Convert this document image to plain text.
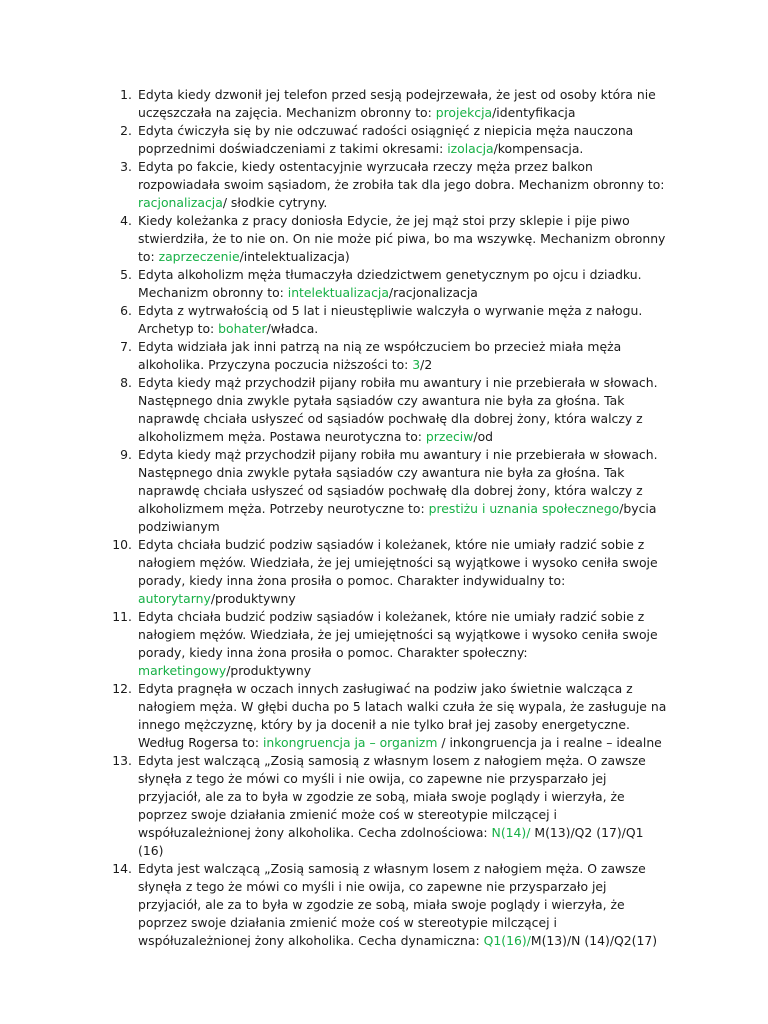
1. Edyta kiedy dzwonił jej telefon przed sesją podejrzewała, że jest od osoby która nie uczęszczała na zajęcia. Mechanizm obronny to: projekcja/identyfikacja
2. Edyta ćwiczyła się by nie odczuwać radości osiągnięć z niepicia męża nauczona poprzednimi doświadczeniami z takimi okresami: izolacja/kompensacja.
3. Edyta po fakcie, kiedy ostentacyjnie wyrzucała rzeczy męża przez balkon rozpowiadała swoim sąsiadom, że zrobiła tak dla jego dobra. Mechanizm obronny to: racjonalizacja/ słodkie cytryny.
4. Kiedy koleżanka z pracy doniosła Edycie, że jej mąż stoi przy sklepie i pije piwo stwierdziła, że to nie on. On nie może pić piwa, bo ma wszywkę. Mechanizm obronny to: zaprzeczenie/intelektualizacja)
5. Edyta alkoholizm męża tłumaczyła dziedzictwem genetycznym po ojcu i dziadku. Mechanizm obronny to: intelektualizacja/racjonalizacja
6. Edyta z wytrwałością od 5 lat i nieustępliwie walczyła o wyrwanie męża z nałogu. Archetyp to: bohater/władca.
7. Edyta widziała jak inni patrzą na nią ze współczuciem bo przecież miała męża alkoholika. Przyczyna poczucia niższości to: 3/2
8. Edyta kiedy mąż przychodził pijany robiła mu awantury i nie przebierała w słowach. Następnego dnia zwykle pytała sąsiadów czy awantura nie była za głośna. Tak naprawdę chciała usłyszeć od sąsiadów pochwałę dla dobrej żony, która walczy z alkoholizmem męża. Postawa neurotyczna to: przeciw/od
9. Edyta kiedy mąż przychodził pijany robiła mu awantury i nie przebierała w słowach. Następnego dnia zwykle pytała sąsiadów czy awantura nie była za głośna. Tak naprawdę chciała usłyszeć od sąsiadów pochwałę dla dobrej żony, która walczy z alkoholizmem męża. Potrzeby neurotyczne to: prestiżu i uznania społecznego/bycia podziwianym
10. Edyta chciała budzić podziw sąsiadów i koleżanek, które nie umiały radzić sobie z nałogiem mężów. Wiedziała, że jej umiejętności są wyjątkowe i wysoko ceniła swoje porady, kiedy inna żona prosiła o pomoc. Charakter indywidualny to: autorytarny/produktywny
11. Edyta chciała budzić podziw sąsiadów i koleżanek, które nie umiały radzić sobie z nałogiem mężów. Wiedziała, że jej umiejętności są wyjątkowe i wysoko ceniła swoje porady, kiedy inna żona prosiła o pomoc. Charakter społeczny: marketingowy/produktywny
12. Edyta pragnęła w oczach innych zasługiwać na podziw jako świetnie walcząca z nałogiem męża. W głębi ducha po 5 latach walki czuła że się wypala, że zasługuje na innego mężczyznę, który by ja docenił a nie tylko brał jej zasoby energetyczne. Według Rogersa to: inkongruencja ja – organizm / inkongruencja ja i realne – idealne
13. Edyta jest walczącą „Zosią samosią z własnym losem z nałogiem męża. O zawsze słynęła z tego że mówi co myśli i nie owija, co zapewne nie przysparzało jej przyjaciół, ale za to była w zgodzie ze sobą, miała swoje poglądy i wierzyła, że poprzez swoje działania zmienić może coś w stereotypie milczącej i współuzależnionej żony alkoholika. Cecha zdolnościowa: N(14)/ M(13)/Q2 (17)/Q1 (16)
14. Edyta jest walczącą „Zosią samosią z własnym losem z nałogiem męża. O zawsze słynęła z tego że mówi co myśli i nie owija, co zapewne nie przysparzało jej przyjaciół, ale za to była w zgodzie ze sobą, miała swoje poglądy i wierzyła, że poprzez swoje działania zmienić może coś w stereotypie milczącej i współuzależnionej żony alkoholika. Cecha dynamiczna: Q1(16)/M(13)/N (14)/Q2(17)
